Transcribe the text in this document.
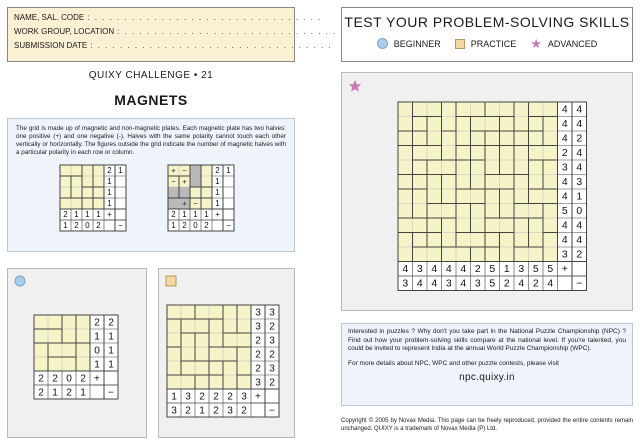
NAME, SAL. CODE : . . . . . . . . . . . . . . . . . . . . . . . . . . . . . . .
WORK GROUP, LOCATION : . . . . . . . . . . . . . . . . . . . . . . . . . . . . .
SUBMISSION DATE : . . . . . . . . . . . . . . . . . . . . . . . . . . . . . . . .
TEST YOUR PROBLEM-SOLVING SKILLS
BEGINNER	PRACTICE ★ ADVANCED
QUIXY CHALLENGE • 21
MAGNETS

The grid is made up of magnetic and non-magnetic plates. Each magnetic plate has two halves: one positive (+) and one negative (-). Halves with the same polarity cannot touch each other vertically or horizontally. The figures outside the grid indicate the number of magnetic halves with a particular polarity in each row or column.

2 1
2
1
1
1
2
1
1
0
1
1
2
+
−
+ −
− +
+ −
2 1
2
1
1
1
2
1
1
0
1
1
2
+
−
2 2
2
2
1 1
2
1
0 1
0
2
1 1
2
1
+
−
3 3
1
3
3 2
3
2
2 3
2
1
2 2
2
2
2 3
2
3
3 2
3
2
+
−
4 4
4
3
4 4
3
4
4 2
4
4
2 4
4
3
3 4
4
4
4 3
2
3
4 1
5
5
5 0
1
2
4 4
3
4
4 4
5
2
3 2
5
4
+
−
Interested in puzzles ? Why don't you take part in the National Puzzle Championship (NPC) ? Find out how your problem-solving skills compare at the national level. If you're talented, you could be invited to represent India at the annual World Puzzle Championship (WPC).
For more details about NPC, WPC and other puzzle contests, please visit
npc.quixy.in
Copyright © 2005 by Novax Media. This page can be freely reproduced, provided the entire contents remain unchanged. QUIXY is a trademark of Novax Media (P) Ltd.
